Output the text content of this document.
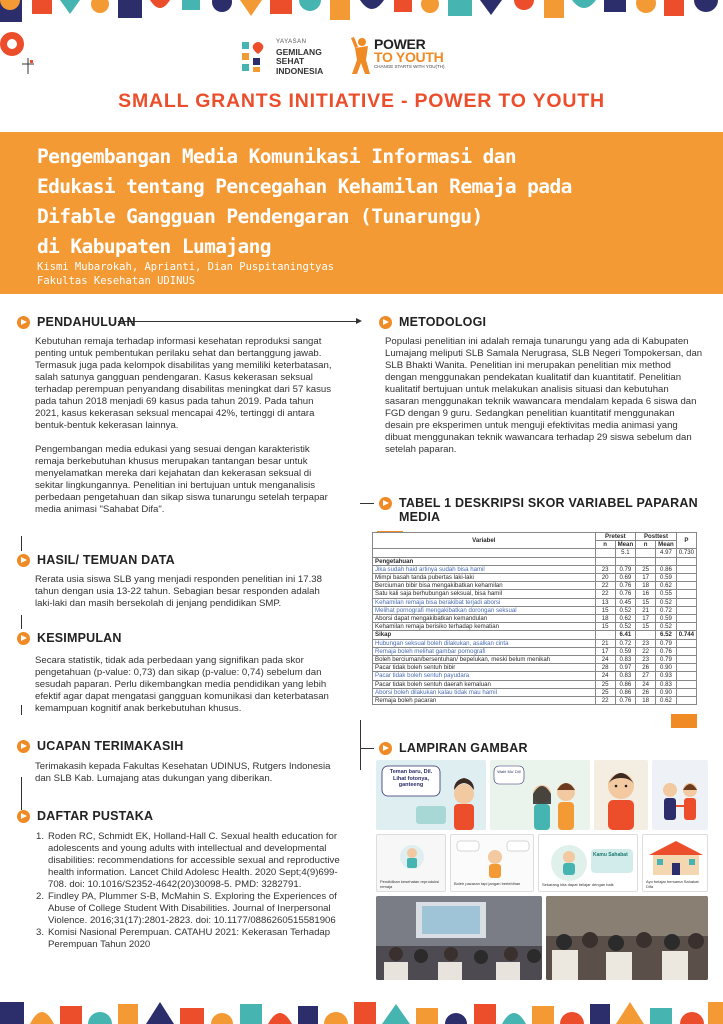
YAYASAN
GEMILANG
SEHAT
INDONESIA
POWER
TO YOUTH
CHANGE STARTS WITH YOU(TH)
SMALL GRANTS INITIATIVE - POWER TO YOUTH
Pengembangan Media Komunikasi Informasi dan
Edukasi tentang Pencegahan Kehamilan Remaja pada
Difable Gangguan Pendengaran (Tunarungu)
di Kabupaten Lumajang
Kismi Mubarokah, Aprianti, Dian Puspitaningtyas
Fakultas Kesehatan UDINUS
PENDAHULUAN

Kebutuhan remaja terhadap informasi kesehatan reproduksi sangat penting untuk pembentukan perilaku sehat dan bertanggung jawab. Termasuk juga pada kelompok disabilitas yang memiliki keterbatasan, salah satunya gangguan pendengaran. Kasus kekerasan seksual terhadap perempuan penyandang disabilitas meningkat dari 57 kasus pada tahun 2018 menjadi 69 kasus pada tahun 2019. Pada tahun 2021, kasus kekerasan seksual mencapai 42%, tertinggi di antara bentuk-bentuk kekerasan lainnya.

Pengembangan media edukasi yang sesuai dengan karakteristik remaja berkebutuhan khusus merupakan tantangan besar untuk menyelamatkan mereka dari kejahatan dan kekerasan seksual di sekitar lingkungannya. Penelitian ini bertujuan untuk menganalisis perbedaan pengetahuan dan sikap siswa tunarungu setelah terpapar media animasi "Sahabat Difa".

HASIL/ TEMUAN DATA

Rerata usia siswa SLB yang menjadi responden penelitian ini 17.38 tahun dengan usia 13-22 tahun. Sebagian besar responden adalah laki-laki dan masih bersekolah di jenjang pendidikan SMP.

KESIMPULAN

Secara statistik, tidak ada perbedaan yang signifikan pada skor pengetahuan (p-value: 0,73) dan sikap (p-value: 0,74) sebelum dan sesudah paparan. Perlu dikembangkan media pendidikan yang lebih efektif agar dapat mengatasi gangguan komunikasi dan keterbatasan kemampuan kognitif anak berkebutuhan khusus.

UCAPAN TERIMAKASIH

Terimakasih kepada Fakultas Kesehatan UDINUS, Rutgers Indonesia dan SLB Kab. Lumajang atas dukungan yang diberikan.

DAFTAR PUSTAKA
1. Roden RC, Schmidt EK, Holland-Hall C. Sexual health education for adolescents and young adults with intellectual and developmental disabilities: recommendations for accessible sexual and reproductive health information. Lancet Child Adolesc Health. 2020 Sept;4(9)699-708. doi: 10.1016/S2352-4642(20)30098-5. PMD: 3282791.
2. Findley PA, Plummer S-B, McMahin S. Exploring the Experiences of Abuse of College Student With Disabilities. Journal of Inerpersonal Violence. 2016;31(17):2801-2823. doi: 10.1177/0886260515581906
3. Komisi Nasional Perempuan. CATAHU 2021: Kekerasan Terhadap Perempuan Tahun 2020
METODOLOGI

Populasi penelitian ini adalah remaja tunarungu yang ada di Kabupaten Lumajang meliputi SLB Samala Nerugrasa, SLB Negeri Tompokersan, dan SLB Bhakti Wanita. Penelitian ini merupakan penelitian mix method dengan menggunakan pendekatan kualitatif dan kuantitatif. Penelitian kualitatif bertujuan untuk melakukan analisis situasi dan kebutuhan sasaran menggunakan teknik wawancara mendalam kepada 6 siswa dan FGD dengan 9 guru. Sedangkan penelitian kuantitatif menggunakan desain pre eksperimen untuk menguji efektivitas media animasi yang dibuat menggunakan teknik wawancara terhadap 29 siswa sebelum dan setelah paparan.

TABEL 1 DESKRIPSI SKOR VARIABEL PAPARAN MEDIA
Variabel	Pretest		Posttest		P
	n	Mean	n	Mean	
		5.1		4.97	0.730
Pengetahuan					
Jika sudah haid artinya sudah bisa hamil	23	0.79	25	0.86	
Mimpi basah tanda pubertas laki-laki	20	0.69	17	0.59	
Berciuman bibir bisa mengakibatkan kehamilan	22	0.76	18	0.62	
Satu kali saja berhubungan seksual, bisa hamil	22	0.76	16	0.55	
Kehamilan remaja bisa berakibat terjadi aborsi	13	0.45	15	0.52	
Melihat pornografi mengakibatkan dorongan seksual	15	0.52	21	0.72	
Aborsi dapat mengakibatkan kemandulan	18	0.62	17	0.59	
Kehamilan remaja berisiko terhadap kematian	15	0.52	15	0.52	
Sikap		6.41		6.52	0.744
Hubungan seksual boleh dilakukan, asalkan cinta	21	0.72	23	0.79	
Remaja boleh melihat gambar pornografi	17	0.59	22	0.76	
Boleh berciuman/bersentuhan/ bepelukan, meski belum menikah	24	0.83	23	0.79	
Pacar tidak boleh sentuh bibir	28	0.97	26	0.90	
Pacar tidak boleh sentuh payudara	24	0.83	27	0.93	
Pacar tidak boleh sentuh daerah kemaluan	25	0.86	24	0.83	
Aborsi boleh dilakukan kalau tidak mau hamil	25	0.86	26	0.90	
Remaja boleh pacaran	22	0.76	18	0.62	
LAMPIRAN GAMBAR
Teman baru, Dil. Lihat fotonya, ganteeng
Wah! Mo' Dil!
Pendidikan kesehatan reproduksi remaja
Boleh pacaran tapi jangan berlebihan
Kamu Sahabat
Sekarang kita dapat belajar dengan baik
Ayo belajar bersama Sahabat Difa
